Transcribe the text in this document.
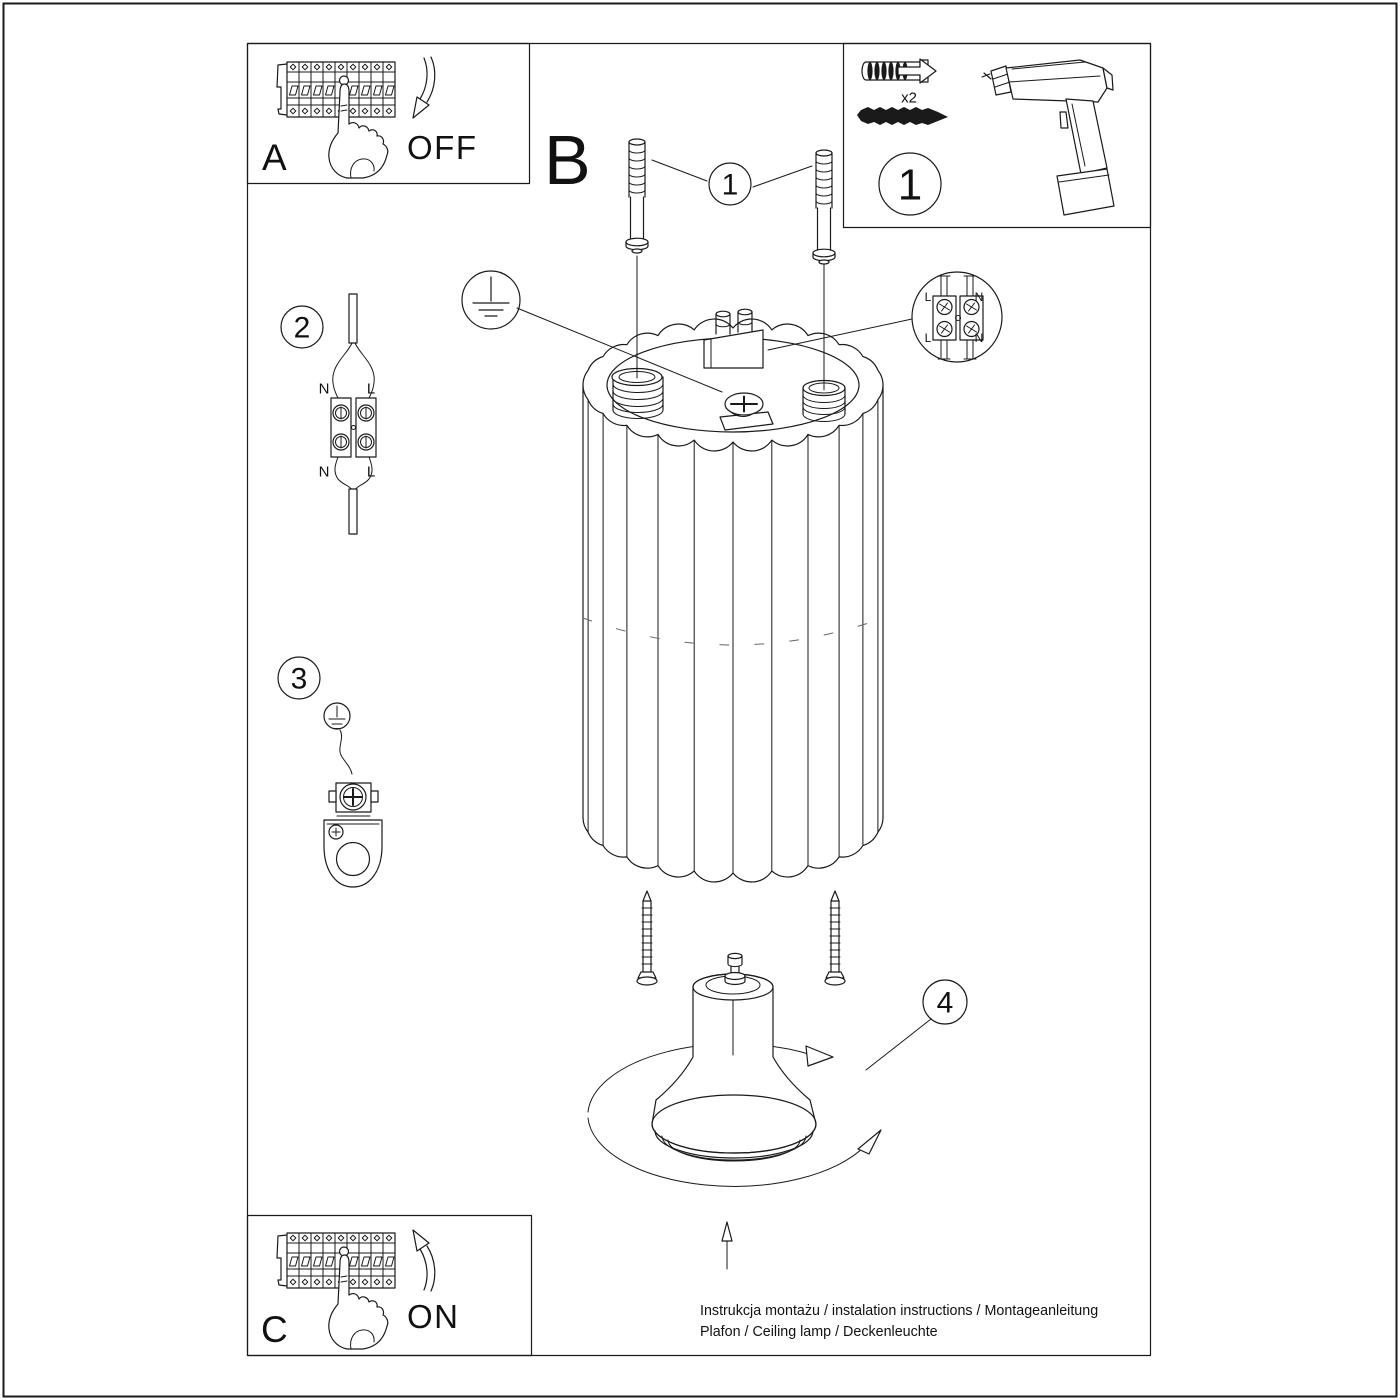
A	OFF
C	ON
x2
1
B	1
2
N L
N L
3
L	N
L	N
4
Instrukcja montażu / instalation instructions / Montageanleitung
Plafon / Ceiling lamp / Deckenleuchte
